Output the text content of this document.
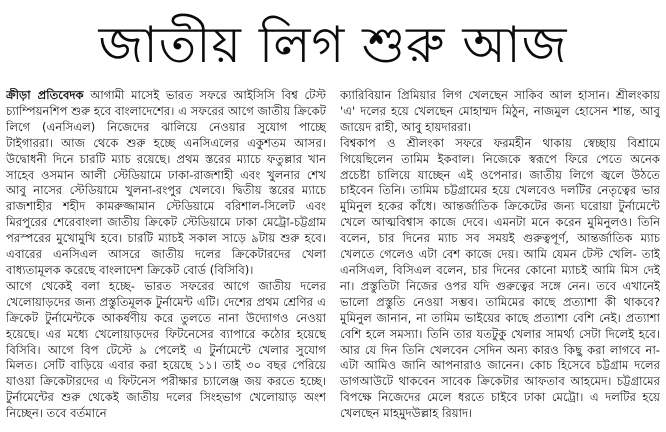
জাতীয় লিগ শুরু আজ

ক্রীড়া প্রতিবেদক আগামী মাসেই ভারত সফরে আইসিসি বিশ্ব টেস্ট চ্যাম্পিয়নশিপ শুরু হবে বাংলাদেশের। এ সফরের আগে জাতীয় ক্রিকেট লিগে (এনসিএল) নিজেদের ঝালিয়ে নেওয়ার সুযোগ পাচ্ছে টাইগাররা। আজ থেকে শুরু হচ্ছে এনসিএলের একুশতম আসর। উদ্বোধনী দিনে চারটি ম্যাচ রয়েছে। প্রথম স্তরের ম্যাচে ফতুল্লার খান সাহেব ওসমান আলী স্টেডিয়ামে ঢাকা-রাজশাহী এবং খুলনার শেখ আবু নাসের স্টেডিয়ামে খুলনা-রংপুর খেলবে। দ্বিতীয় স্তরের ম্যাচে রাজশাহীর শহীদ কামরুজ্জামান স্টেডিয়ামে বরিশাল-সিলেট এবং মিরপুরের শেরেবাংলা জাতীয় ক্রিকেট স্টেডিয়ামে ঢাকা মেট্রো-চট্টগ্রাম পরস্পরের মুখোমুখি হবে। চারটি ম্যাচই সকাল সাড়ে ৯টায় শুরু হবে। এবারের এনসিএল আসরে জাতীয় দলের ক্রিকেটারদের খেলা বাধ্যতামূলক করেছে বাংলাদেশ ক্রিকেট বোর্ড (বিসিবি)।

আগে থেকেই বলা হচ্ছে- ভারত সফরের আগে জাতীয় দলের খেলোয়াড়দের জন্য প্রস্তুতিমূলক টুর্নামেন্ট এটি। দেশের প্রথম শ্রেণির এ ক্রিকেট টুর্নামেন্টকে আকর্ষণীয় করে তুলতে নানা উদ্যোগও নেওয়া হয়েছে। এর মধ্যে খেলোয়াড়দের ফিটনেসের ব্যাপারে কঠোর হয়েছে বিসিবি। আগে বিপ টেস্টে ৯ পেলেই এ টুর্নামেন্টে খেলার সুযোগ মিলত। সেটি বাড়িয়ে এবার করা হয়েছে ১১। তাই ৩০ বছর পেরিয়ে যাওয়া ক্রিকেটারদের এ ফিটনেস পরীক্ষার চ্যালেঞ্জ জয় করতে হচ্ছে। টুর্নামেন্টের শুরু থেকেই জাতীয় দলের সিংহভাগ খেলোয়াড় অংশ নিচ্ছেন। তবে বর্তমানে

ক্যারিবিয়ান প্রিমিয়ার লিগ খেলছেন সাকিব আল হাসান। শ্রীলংকায় 'এ' দলের হয়ে খেলছেন মোহাম্মদ মিঠুন, নাজমুল হোসেন শান্ত, আবু জায়েদ রাহী, আবু হায়দাররা।

বিশ্বকাপ ও শ্রীলংকা সফরে ফরমহীন থাকায় স্বেচ্ছায় বিশ্রামে গিয়েছিলেন তামিম ইকবাল। নিজেকে স্বরূপে ফিরে পেতে অনেক প্রচেষ্টা চালিয়ে যাচ্ছেন এই ওপেনার। জাতীয় লিগে জ্বলে উঠতে চাইবেন তিনি। তামিম চট্টগ্রামের হয়ে খেলবেও দলটির নেতৃত্বের ভার মুমিনুল হকের কাঁধে। আন্তর্জাতিক ক্রিকেটের জন্য ঘরোয়া টুর্নামেন্টে খেলে আত্মবিশ্বাস কাজে দেবে। এমনটা মনে করেন মুমিনুলও। তিনি বলেন, চার দিনের ম্যাচ সব সময়ই গুরুত্বপূর্ণ, আন্তর্জাতিক ম্যাচ খেলতে গেলেও এটা বেশ কাজে দেয়। আমি যেমন টেস্ট খেলি- তাই এনসিএল, বিসিএল বলেন, চার দিনের কোনো ম্যাচই আমি মিস দেই না। প্রস্তুতিটা নিজের ওপর যদি গুরুত্বের সঙ্গে নেন। তবে এখানেই ভালো প্রস্তুতি নেওয়া সম্ভব। তামিমের কাছে প্রত্যাশা কী থাকবে? মুমিনুল জানান, না তামিম ভাইয়ের কাছে প্রত্যাশা বেশি নেই। প্রত্যাশা বেশি হলে সমস্যা। তিনি তার যতটুকু খেলার সামর্থ্য সেটা দিলেই হবে। আর যে দিন তিনি খেলবেন সেদিন অন্য কারও কিছু করা লাগবে না- এটা আমিও জানি আপনারাও জানেন। কোচ হিসেবে চট্টগ্রাম দলের ডাগআউটে থাকবেন সাবেক ক্রিকেটার আফতাব আহমেদ। চট্টগ্রামের বিপক্ষে নিজেদের মেলে ধরতে চাইবে ঢাকা মেট্রো। এ দলটির হয়ে খেলছেন মাহমুদউল্লাহ রিয়াদ।
